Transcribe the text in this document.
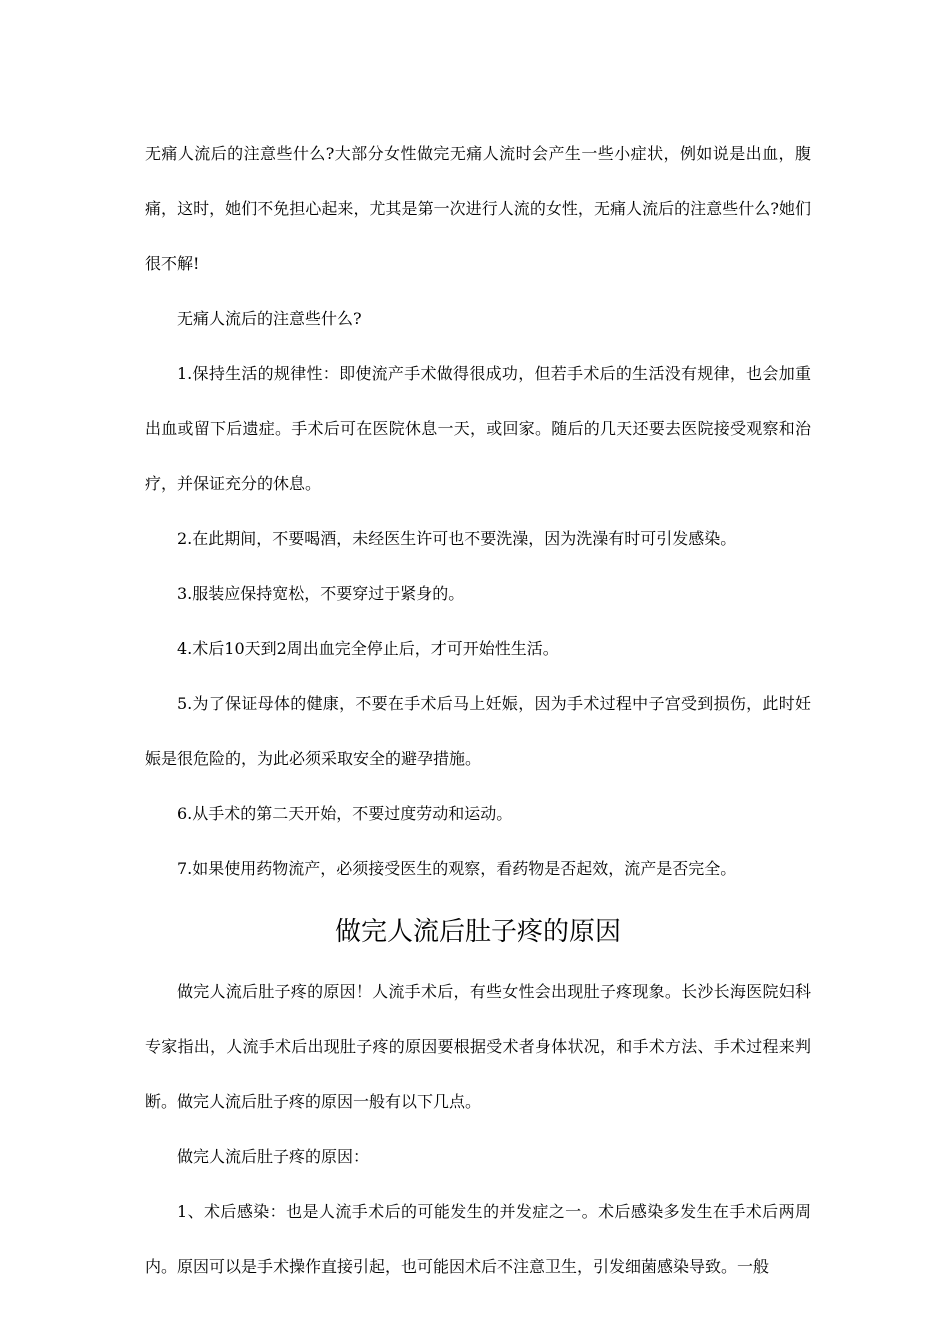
无痛人流后的注意些什么?大部分女性做完无痛人流时会产生一些小症状，例如说是出血，腹痛，这时，她们不免担心起来，尤其是第一次进行人流的女性，无痛人流后的注意些什么?她们很不解!

无痛人流后的注意些什么?

1.保持生活的规律性：即使流产手术做得很成功，但若手术后的生活没有规律，也会加重出血或留下后遗症。手术后可在医院休息一天，或回家。随后的几天还要去医院接受观察和治疗，并保证充分的休息。

2.在此期间，不要喝酒，未经医生许可也不要洗澡，因为洗澡有时可引发感染。

3.服装应保持宽松，不要穿过于紧身的。

4.术后10天到2周出血完全停止后，才可开始性生活。

5.为了保证母体的健康，不要在手术后马上妊娠，因为手术过程中子宫受到损伤，此时妊娠是很危险的，为此必须采取安全的避孕措施。

6.从手术的第二天开始，不要过度劳动和运动。

7.如果使用药物流产，必须接受医生的观察，看药物是否起效，流产是否完全。

做完人流后肚子疼的原因

做完人流后肚子疼的原因！人流手术后，有些女性会出现肚子疼现象。长沙长海医院妇科专家指出，人流手术后出现肚子疼的原因要根据受术者身体状况，和手术方法、手术过程来判断。做完人流后肚子疼的原因一般有以下几点。

做完人流后肚子疼的原因：

1、术后感染：也是人流手术后的可能发生的并发症之一。术后感染多发生在手术后两周内。原因可以是手术操作直接引起，也可能因术后不注意卫生，引发细菌感染导致。一般
